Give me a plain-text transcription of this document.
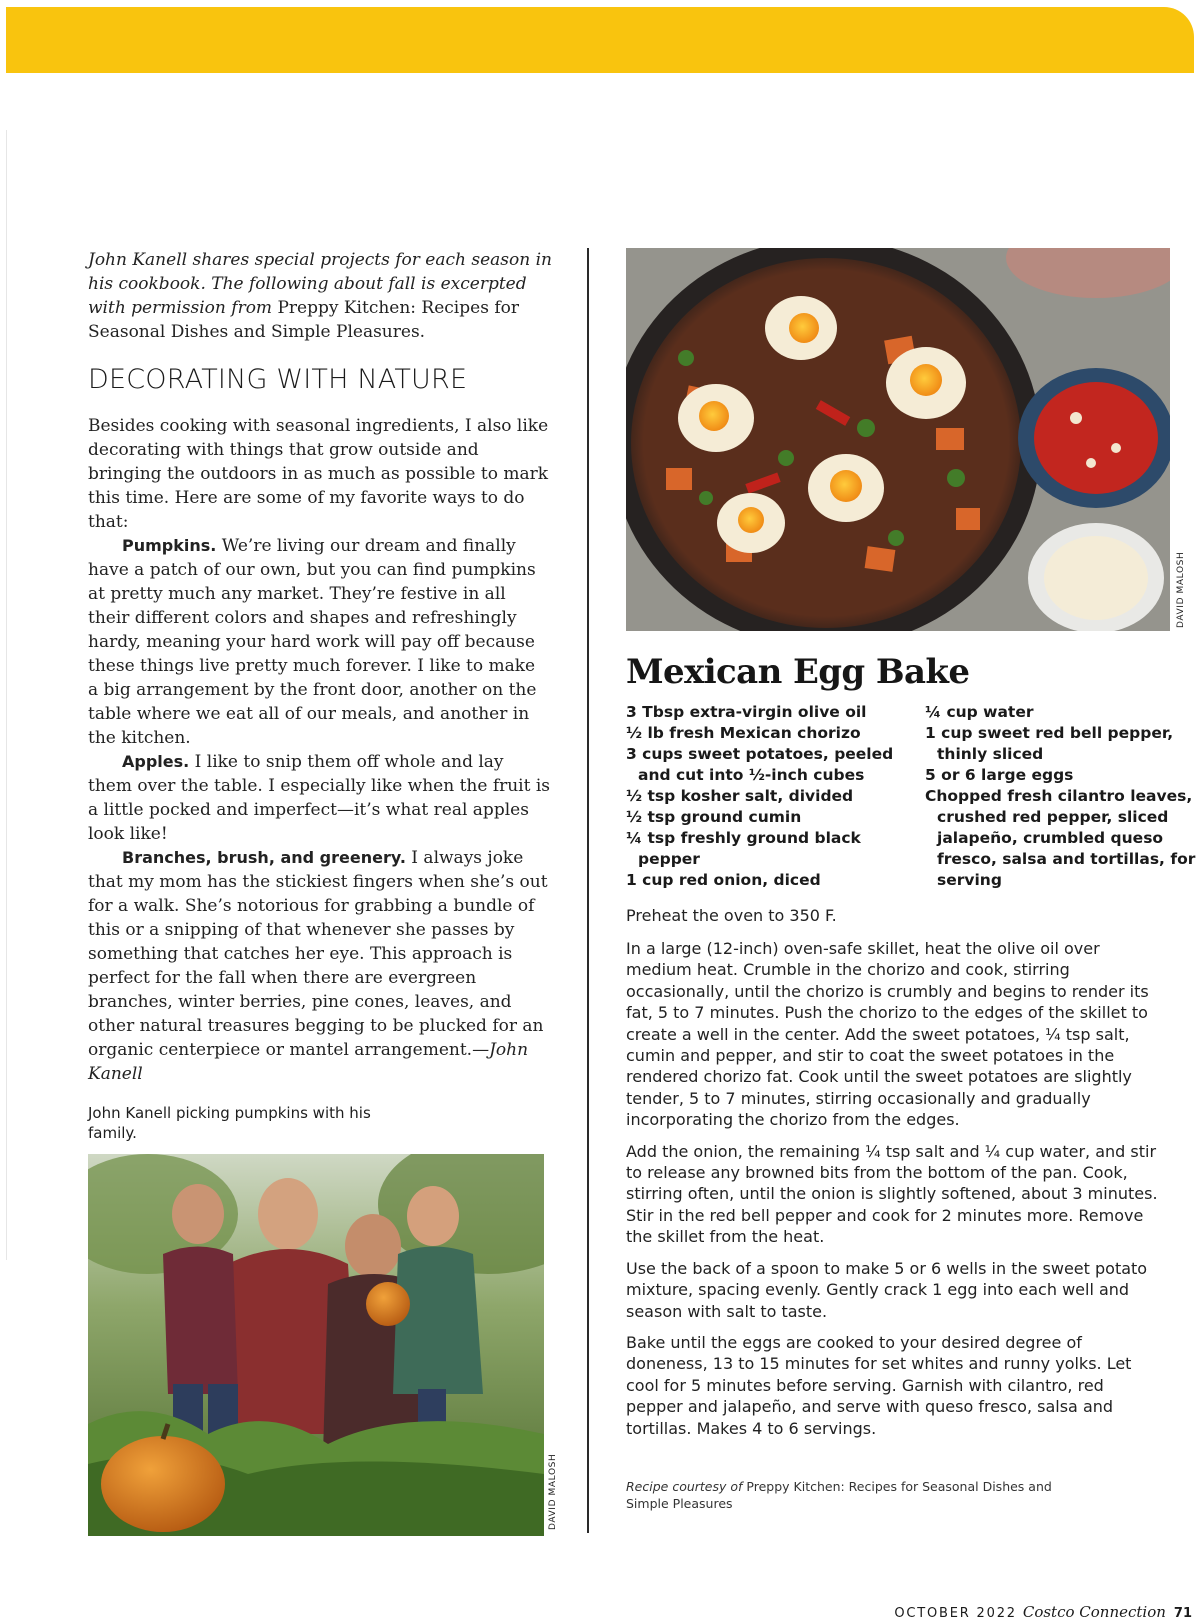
John Kanell shares special projects for each season in his cookbook. The following about fall is excerpted with permission from Preppy Kitchen: Recipes for Seasonal Dishes and Simple Pleasures.
DECORATING WITH NATURE

Besides cooking with seasonal ingredients, I also like decorating with things that grow outside and bringing the outdoors in as much as possible to mark this time. Here are some of my favorite ways to do that:

Pumpkins. We’re living our dream and finally have a patch of our own, but you can find pumpkins at pretty much any market. They’re festive in all their different colors and shapes and refreshingly hardy, meaning your hard work will pay off because these things live pretty much forever. I like to make a big arrangement by the front door, another on the table where we eat all of our meals, and another in the kitchen.

Apples. I like to snip them off whole and lay them over the table. I especially like when the fruit is a little pocked and imperfect—it’s what real apples look like!

Branches, brush, and greenery. I always joke that my mom has the stickiest fingers when she’s out for a walk. She’s notorious for grabbing a bundle of this or a snipping of that whenever she passes by something that catches her eye. This approach is perfect for the fall when there are evergreen branches, winter berries, pine cones, leaves, and other natural treasures begging to be plucked for an organic centerpiece or mantel arrangement.—John Kanell

John Kanell picking pumpkins with his family.
DAVID MALOSH
DAVID MALOSH
Mexican Egg Bake
3 Tbsp extra-virgin olive oil
½ lb fresh Mexican chorizo
3 cups sweet potatoes, peeled and cut into ½-inch cubes
½ tsp kosher salt, divided
½ tsp ground cumin
¼ tsp freshly ground black pepper
1 cup red onion, diced
¼ cup water
1 cup sweet red bell pepper, thinly sliced
5 or 6 large eggs
Chopped fresh cilantro leaves, crushed red pepper, sliced jalapeño, crumbled queso fresco, salsa and tortillas, for serving
Preheat the oven to 350 F.

In a large (12-inch) oven-safe skillet, heat the olive oil over medium heat. Crumble in the chorizo and cook, stirring occasionally, until the chorizo is crumbly and begins to render its fat, 5 to 7 minutes. Push the chorizo to the edges of the skillet to create a well in the center. Add the sweet potatoes, ¼ tsp salt, cumin and pepper, and stir to coat the sweet potatoes in the rendered chorizo fat. Cook until the sweet potatoes are slightly tender, 5 to 7 minutes, stirring occasionally and gradually incorporating the chorizo from the edges.

Add the onion, the remaining ¼ tsp salt and ¼ cup water, and stir to release any browned bits from the bottom of the pan. Cook, stirring often, until the onion is slightly softened, about 3 minutes. Stir in the red bell pepper and cook for 2 minutes more. Remove the skillet from the heat.

Use the back of a spoon to make 5 or 6 wells in the sweet potato mixture, spacing evenly. Gently crack 1 egg into each well and season with salt to taste.

Bake until the eggs are cooked to your desired degree of doneness, 13 to 15 minutes for set whites and runny yolks. Let cool for 5 minutes before serving. Garnish with cilantro, red pepper and jalapeño, and serve with queso fresco, salsa and tortillas. Makes 4 to 6 servings.

Recipe courtesy of Preppy Kitchen: Recipes for Seasonal Dishes and Simple Pleasures
OCTOBER 2022 Costco Connection 71
